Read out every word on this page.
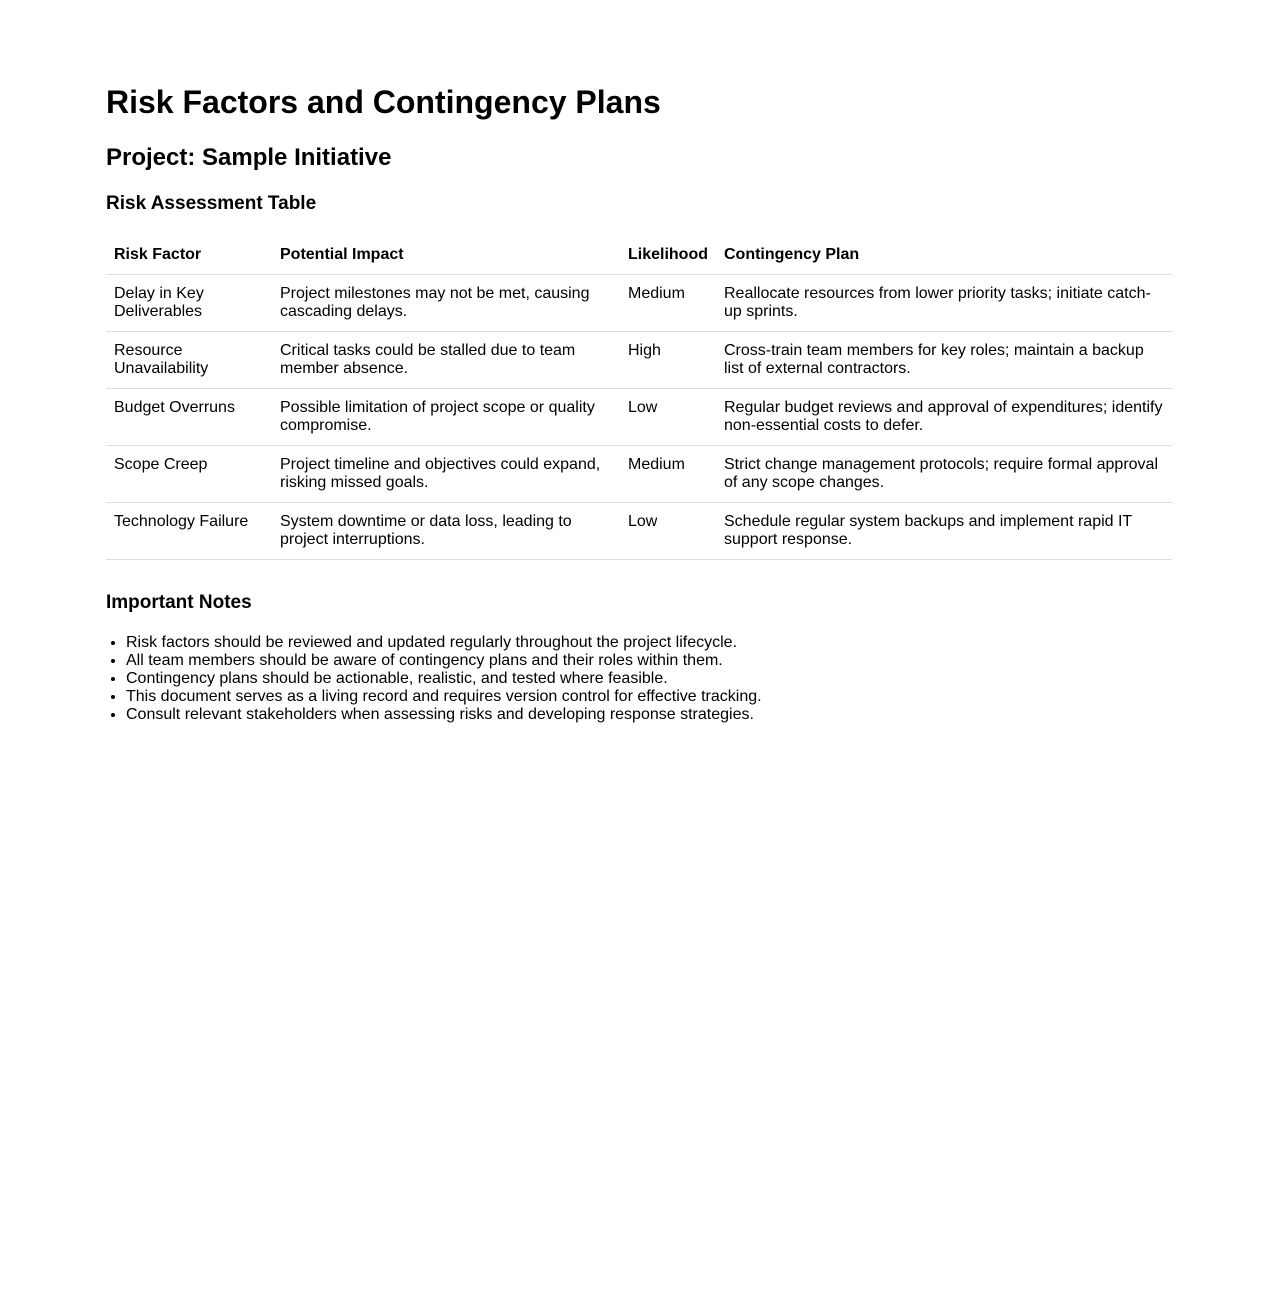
Risk Factors and Contingency Plans
Project: Sample Initiative
Risk Assessment Table
Risk Factor	Potential Impact	Likelihood	Contingency Plan
Delay in Key Deliverables	Project milestones may not be met, causing cascading delays.	Medium	Reallocate resources from lower priority tasks; initiate catch-up sprints.
Resource Unavailability	Critical tasks could be stalled due to team member absence.	High	Cross-train team members for key roles; maintain a backup list of external contractors.
Budget Overruns	Possible limitation of project scope or quality compromise.	Low	Regular budget reviews and approval of expenditures; identify non-essential costs to defer.
Scope Creep	Project timeline and objectives could expand, risking missed goals.	Medium	Strict change management protocols; require formal approval of any scope changes.
Technology Failure	System downtime or data loss, leading to project interruptions.	Low	Schedule regular system backups and implement rapid IT support response.
Important Notes
• Risk factors should be reviewed and updated regularly throughout the project lifecycle.
• All team members should be aware of contingency plans and their roles within them.
• Contingency plans should be actionable, realistic, and tested where feasible.
• This document serves as a living record and requires version control for effective tracking.
• Consult relevant stakeholders when assessing risks and developing response strategies.
